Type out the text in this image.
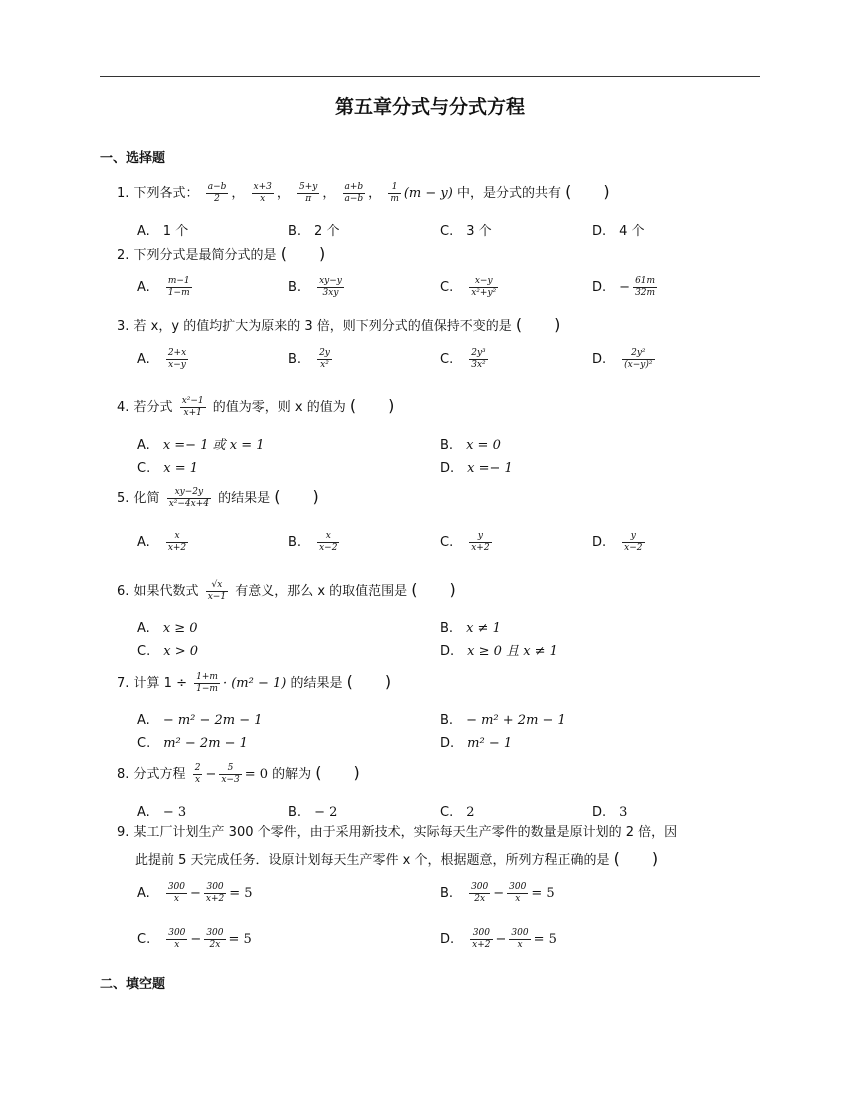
第五章分式与分式方程
一、选择题
1. 下列各式： $\frac{a-b}{2}$ ， $\frac{x+3}{x}$ ， $\frac{5+y}{\pi}$ ， $\frac{a+b}{a-b}$ ， $\frac{1}{m} (m - y)$ 中，是分式的共有 (　　)
A.　1 个	B.　2 个	C.　3 个	D.　4 个
2. 下列分式是最简分式的是 (　　)
A.　 $\frac{m-1}{1-m}$	B.　 $\frac{xy-y}{3xy}$	C.　 $\frac{x-y}{\text{x²+y²}}$	D.　 − $\frac{61m}{32m}$
3. 若 x，y 的值均扩大为原来的 3 倍，则下列分式的值保持不变的是 (　　)
A.　 $\frac{2+x}{x-y}$	B.　 $\frac{2y}{\text{x²}}$	C.　 $\frac{\text{2y³}}{\text{3x²}}$	D.　 $\frac{\text{2y²}}{\text{(x−y)²}}$
4. 若分式 $\frac{\text{x²−1}}{x+1}$ 的值为零，则 x 的值为 (　　)
A.　 x =− 1 或 x = 1	B.　 x = 0
C.　 x = 1	D.　 x =− 1
5. 化简 $\frac{xy-2y}{\text{x²−4x+4}}$ 的结果是 (　　)
A.　 $\frac{x}{x+2}$	B.　 $\frac{x}{x-2}$	C.　 $\frac{y}{x+2}$	D.　 $\frac{y}{x-2}$
6. 如果代数式 $\frac{√x}{x-1}$ 有意义，那么 x 的取值范围是 (　　)
A.　 x ≥ 0	B.　 x ≠ 1
C.　 x > 0	D.　 x ≥ 0 且 x ≠ 1
7. 计算 $1 \div \frac{1+m}{1-m} \cdot (m^2 - 1)$ 的结果是 (　　)
A.　 − m² − 2m − 1	B.　 − m² + 2m − 1
C.　 m² − 2m − 1	D.　 m² − 1
8. 分式方程 $\frac{2}{x} - \frac{5}{x-3} = 0$ 的解为 (　　)
A.　 − 3	B.　 − 2	C.　 2	D.　 3
9. 某工厂计划生产 300 个零件，由于采用新技术，实际每天生产零件的数量是原计划的 2 倍，因
此提前 5 天完成任务．设原计划每天生产零件 x 个，根据题意，所列方程正确的是 (　　)
A.　 $\frac{300}{x} - \frac{300}{x+2} = 5$	B.　 $\frac{300}{2x} - \frac{300}{x} = 5$
C.　 $\frac{300}{x} - \frac{300}{2x} = 5$	D.　 $\frac{300}{x+2} - \frac{300}{x} = 5$
二、填空题
